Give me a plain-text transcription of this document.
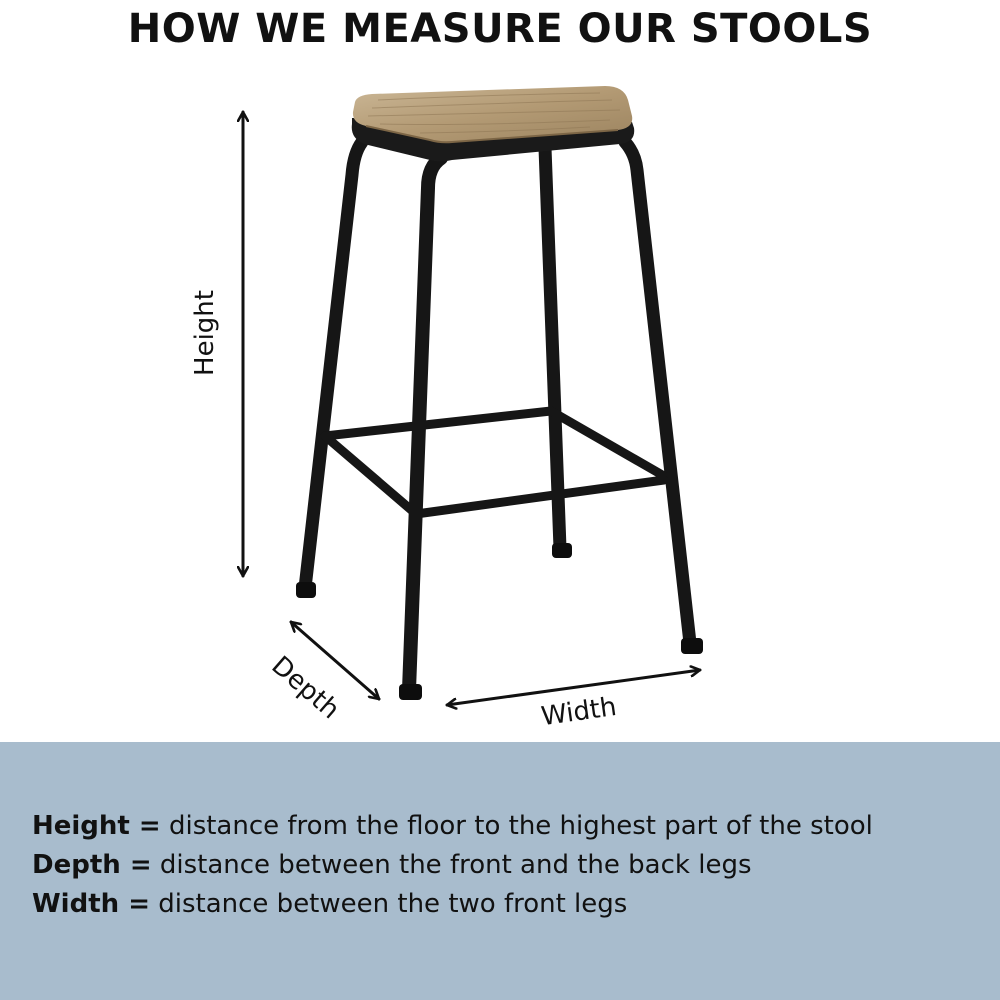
HOW WE MEASURE OUR STOOLS
Height
Depth	Width
Height = distance from the floor to the highest part of the stool
Depth = distance between the front and the back legs
Width = distance between the two front legs
